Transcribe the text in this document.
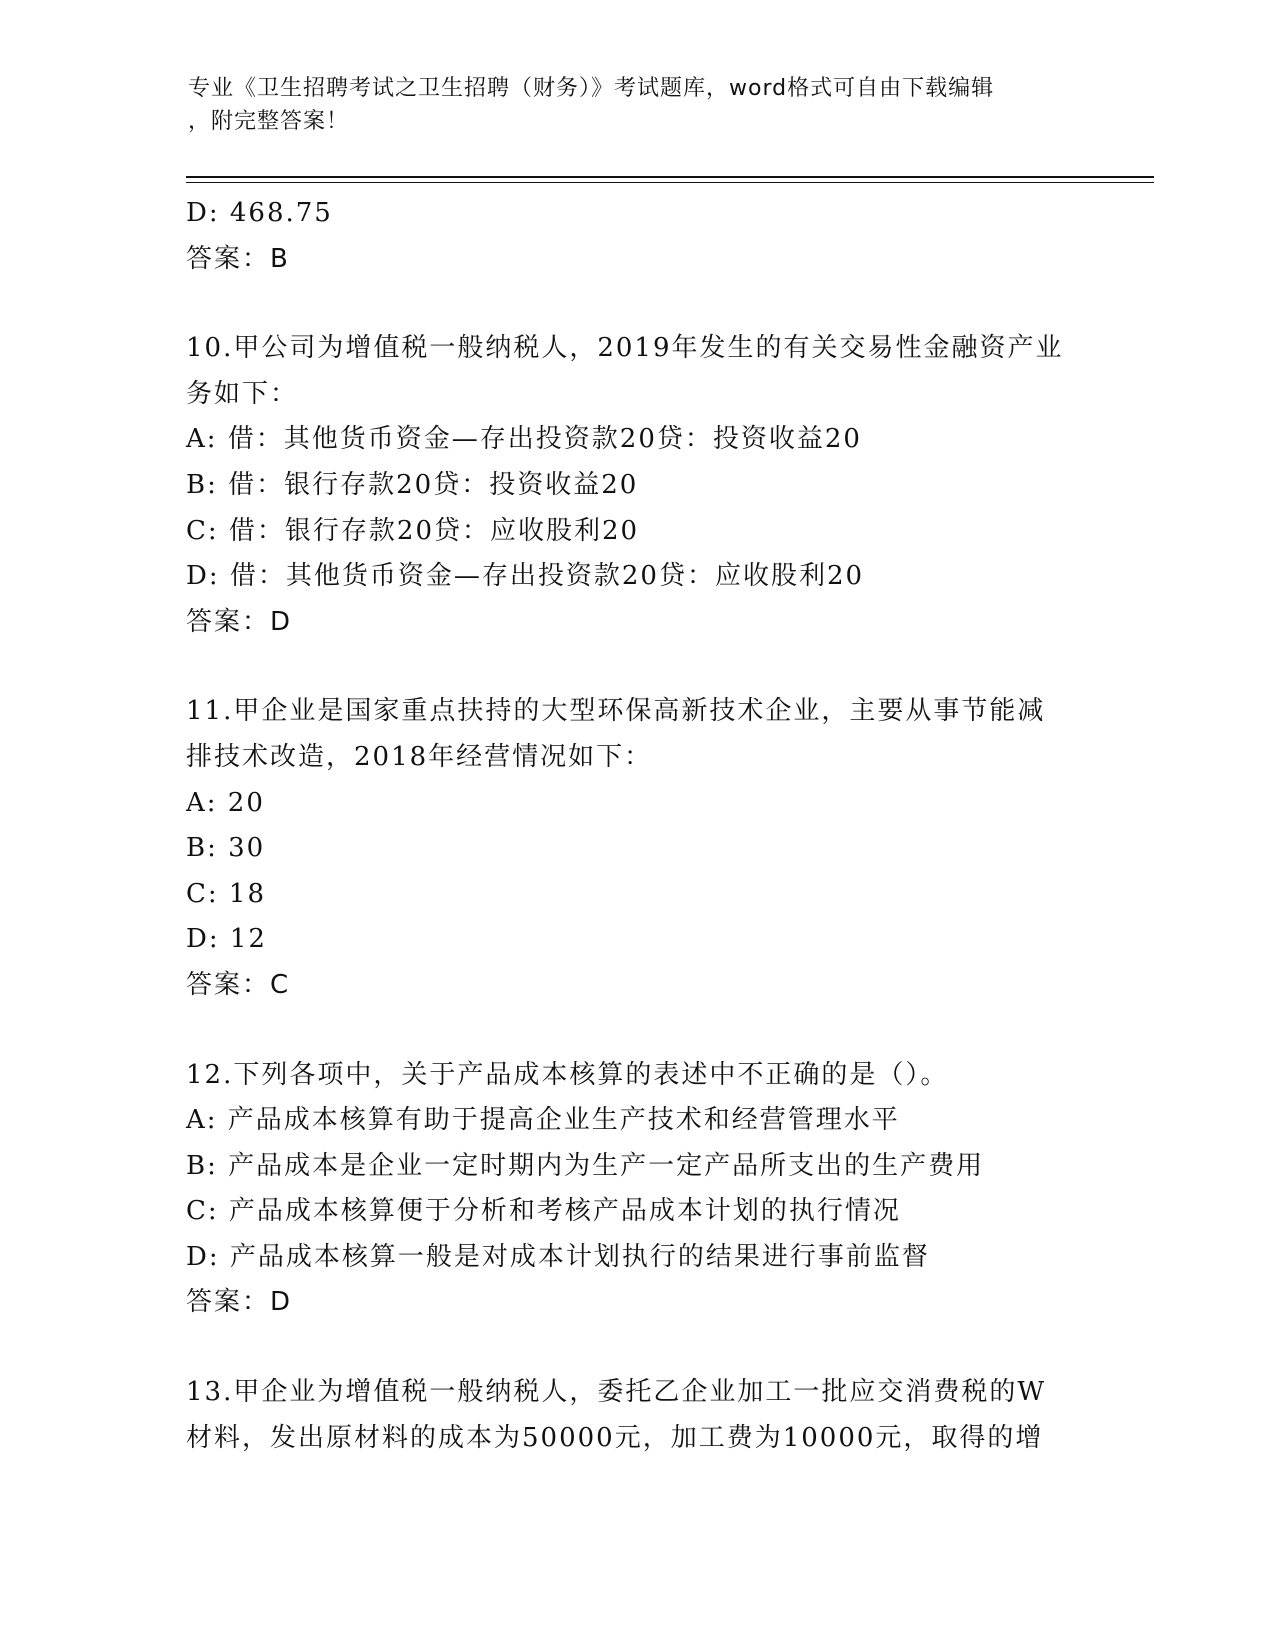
专业《卫生招聘考试之卫生招聘（财务）》考试题库，word格式可自由下载编辑
，附完整答案！
D: 468.75
答案：B
10.甲公司为增值税一般纳税人，2019年发生的有关交易性金融资产业
务如下：
A: 借：其他货币资金—存出投资款20贷：投资收益20
B: 借：银行存款20贷：投资收益20
C: 借：银行存款20贷：应收股利20
D: 借：其他货币资金—存出投资款20贷：应收股利20
答案：D
11.甲企业是国家重点扶持的大型环保高新技术企业，主要从事节能减
排技术改造，2018年经营情况如下：
A: 20
B: 30
C: 18
D: 12
答案：C
12.下列各项中，关于产品成本核算的表述中不正确的是（）。
A: 产品成本核算有助于提高企业生产技术和经营管理水平
B: 产品成本是企业一定时期内为生产一定产品所支出的生产费用
C: 产品成本核算便于分析和考核产品成本计划的执行情况
D: 产品成本核算一般是对成本计划执行的结果进行事前监督
答案：D
13.甲企业为增值税一般纳税人，委托乙企业加工一批应交消费税的W
材料，发出原材料的成本为50000元，加工费为10000元，取得的增
